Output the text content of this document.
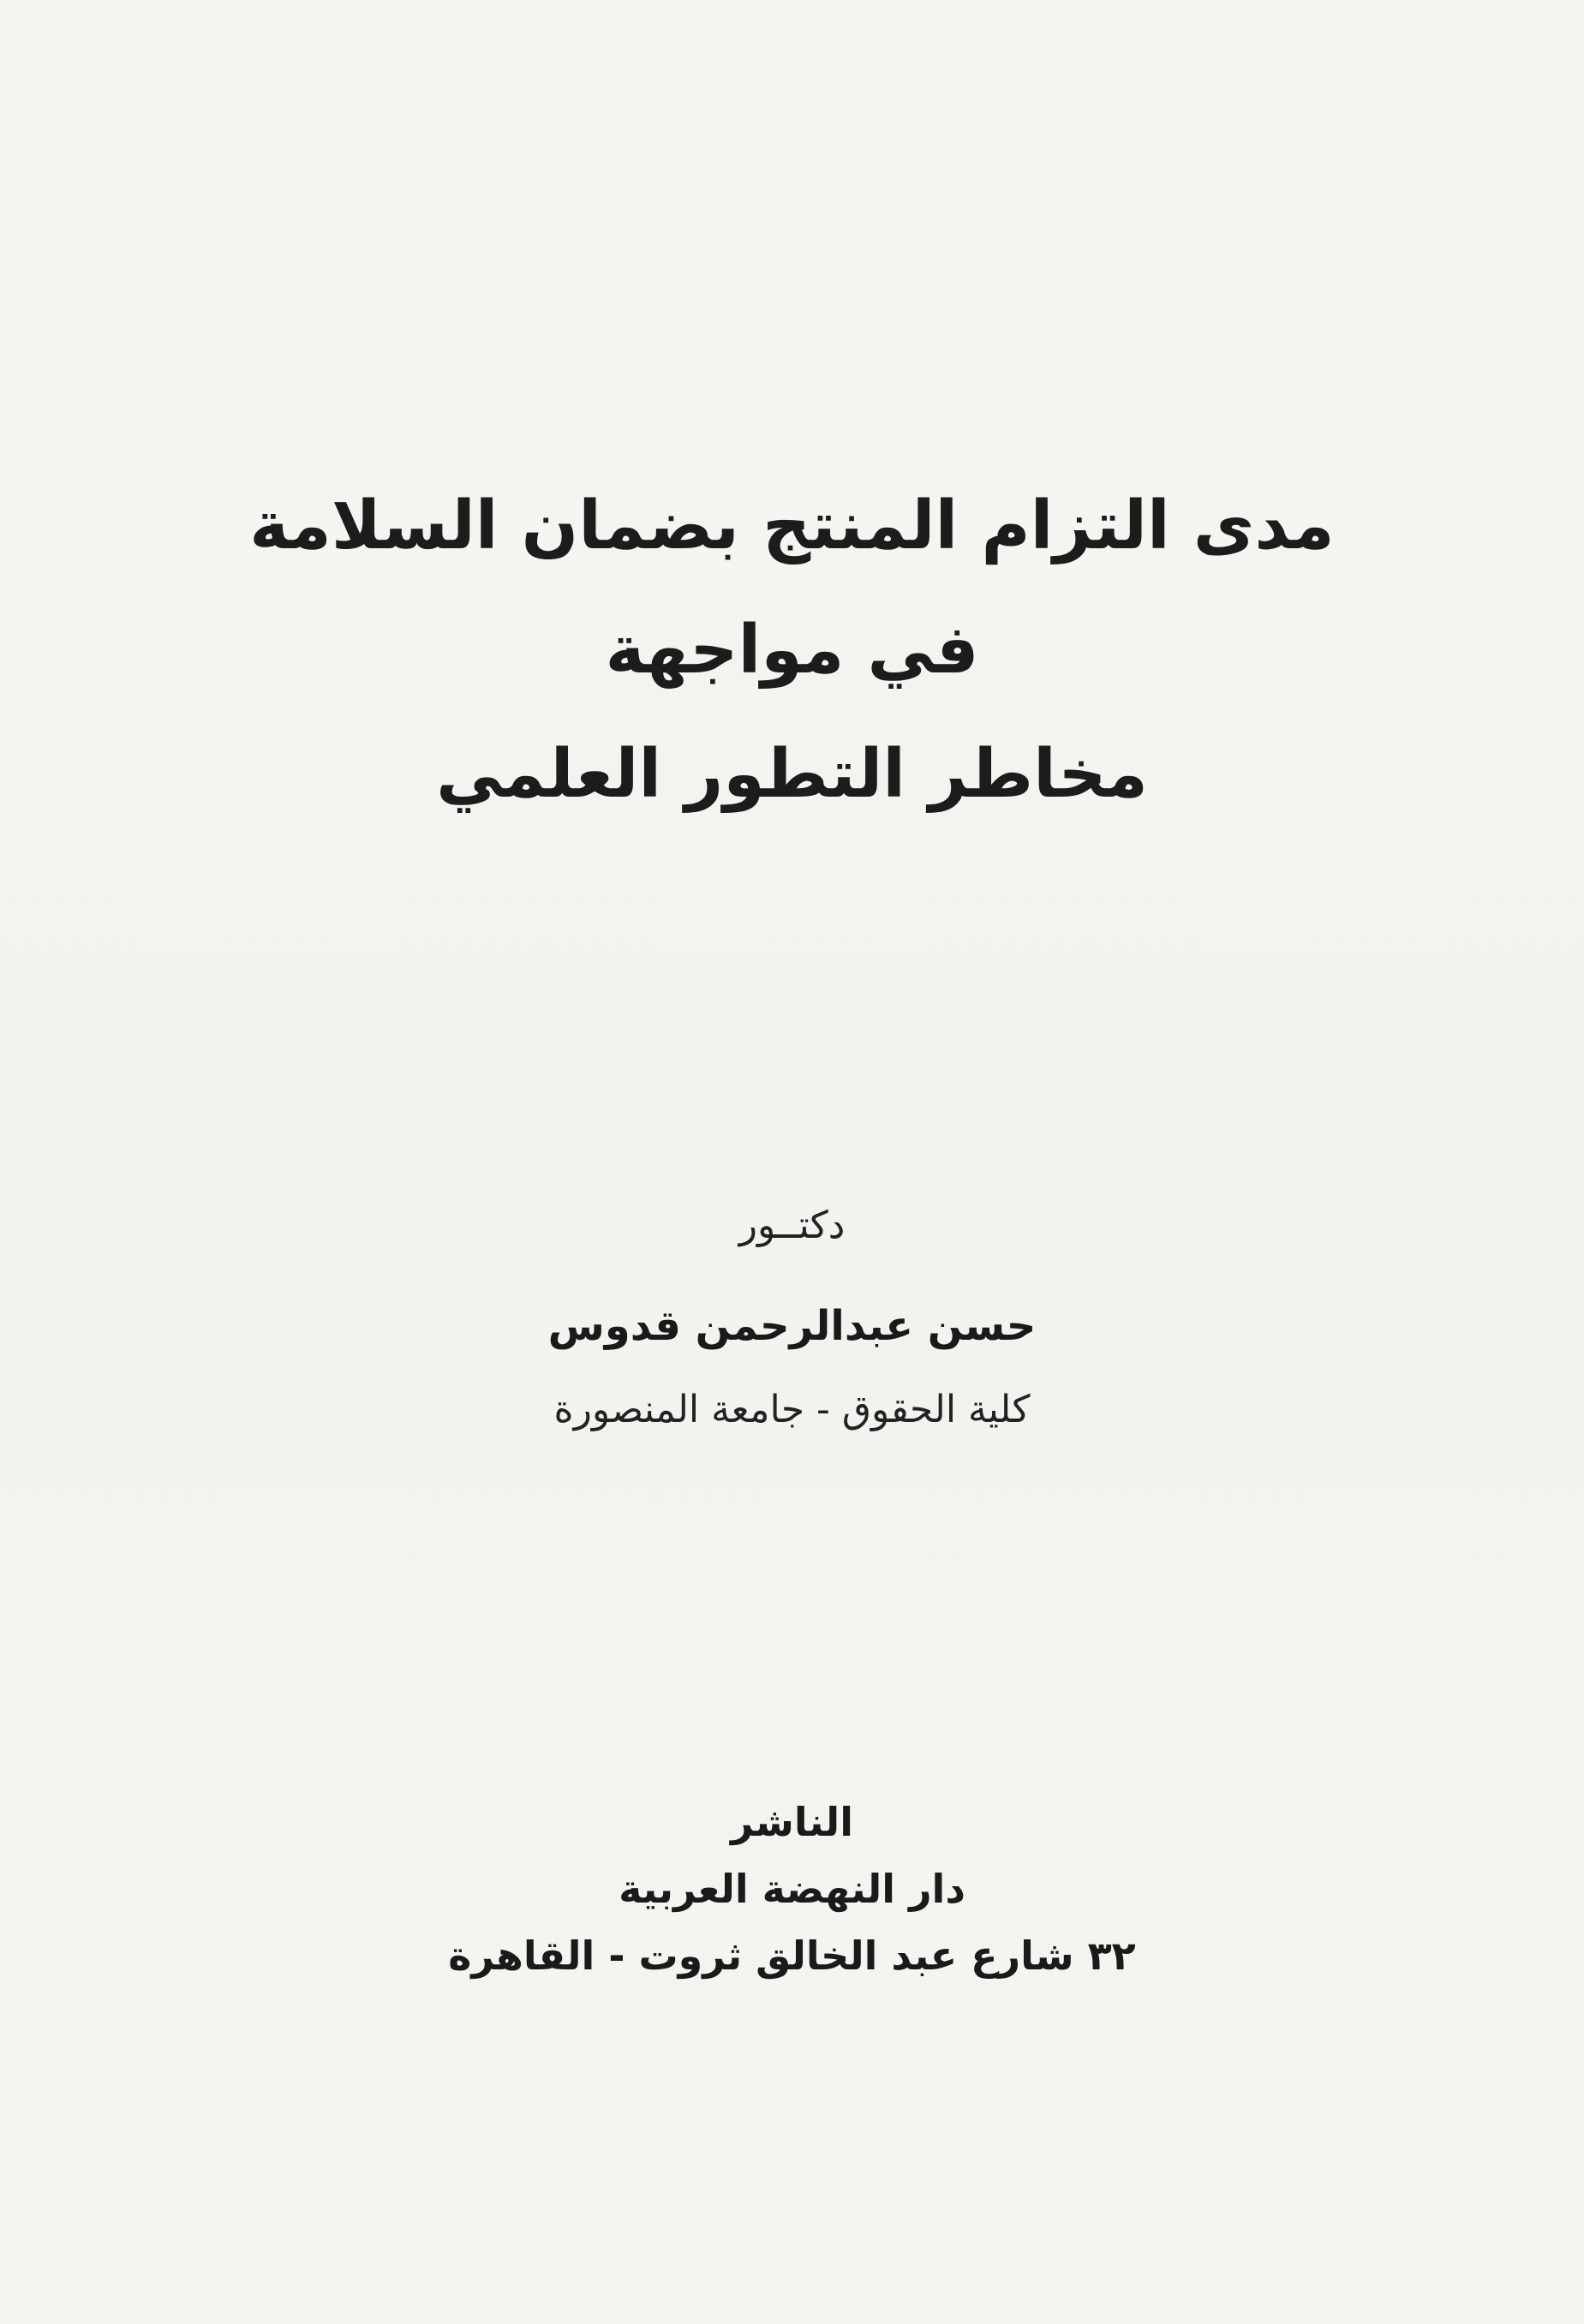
مدى التزام المنتج بضمان السلامة
في مواجهة
مخاطر التطور العلمي
دكتــور
حسن عبدالرحمن قدوس
كلية الحقوق - جامعة المنصورة
الناشر
دار النهضة العربية
٣٢ شارع عبد الخالق ثروت - القاهرة
